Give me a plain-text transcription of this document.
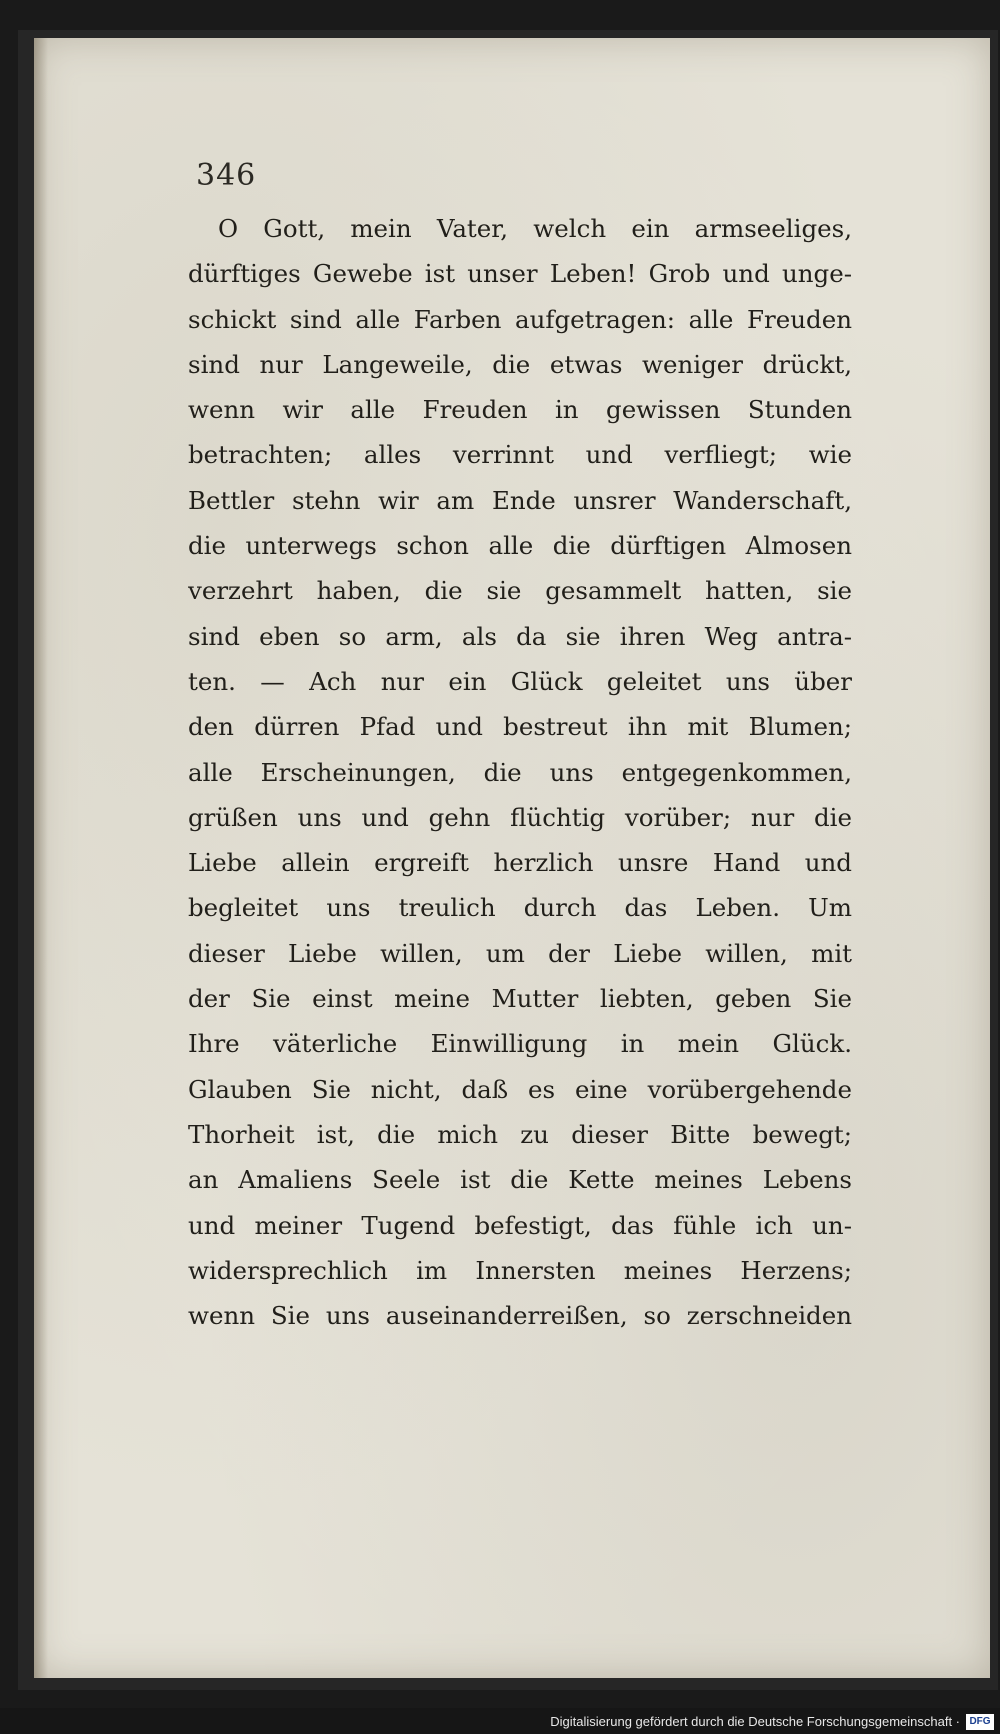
346
O Gott, mein Vater, welch ein armseeliges,
dürftiges Gewebe ist unser Leben! Grob und unge-
schickt sind alle Farben aufgetragen: alle Freuden
sind nur Langeweile, die etwas weniger drückt,
wenn wir alle Freuden in gewissen Stunden
betrachten; alles verrinnt und verfliegt; wie
Bettler stehn wir am Ende unsrer Wanderschaft,
die unterwegs schon alle die dürftigen Almosen
verzehrt haben, die sie gesammelt hatten, sie
sind eben so arm, als da sie ihren Weg antra-
ten. — Ach nur ein Glück geleitet uns über
den dürren Pfad und bestreut ihn mit Blumen;
alle Erscheinungen, die uns entgegenkommen,
grüßen uns und gehn flüchtig vorüber; nur die
Liebe allein ergreift herzlich unsre Hand und
begleitet uns treulich durch das Leben. Um
dieser Liebe willen, um der Liebe willen, mit
der Sie einst meine Mutter liebten, geben Sie
Ihre väterliche Einwilligung in mein Glück.
Glauben Sie nicht, daß es eine vorübergehende
Thorheit ist, die mich zu dieser Bitte bewegt;
an Amaliens Seele ist die Kette meines Lebens
und meiner Tugend befestigt, das fühle ich un-
widersprechlich im Innersten meines Herzens;
wenn Sie uns auseinanderreißen, so zerschneiden
Digitalisierung gefördert durch die Deutsche Forschungsgemeinschaft · DFG
